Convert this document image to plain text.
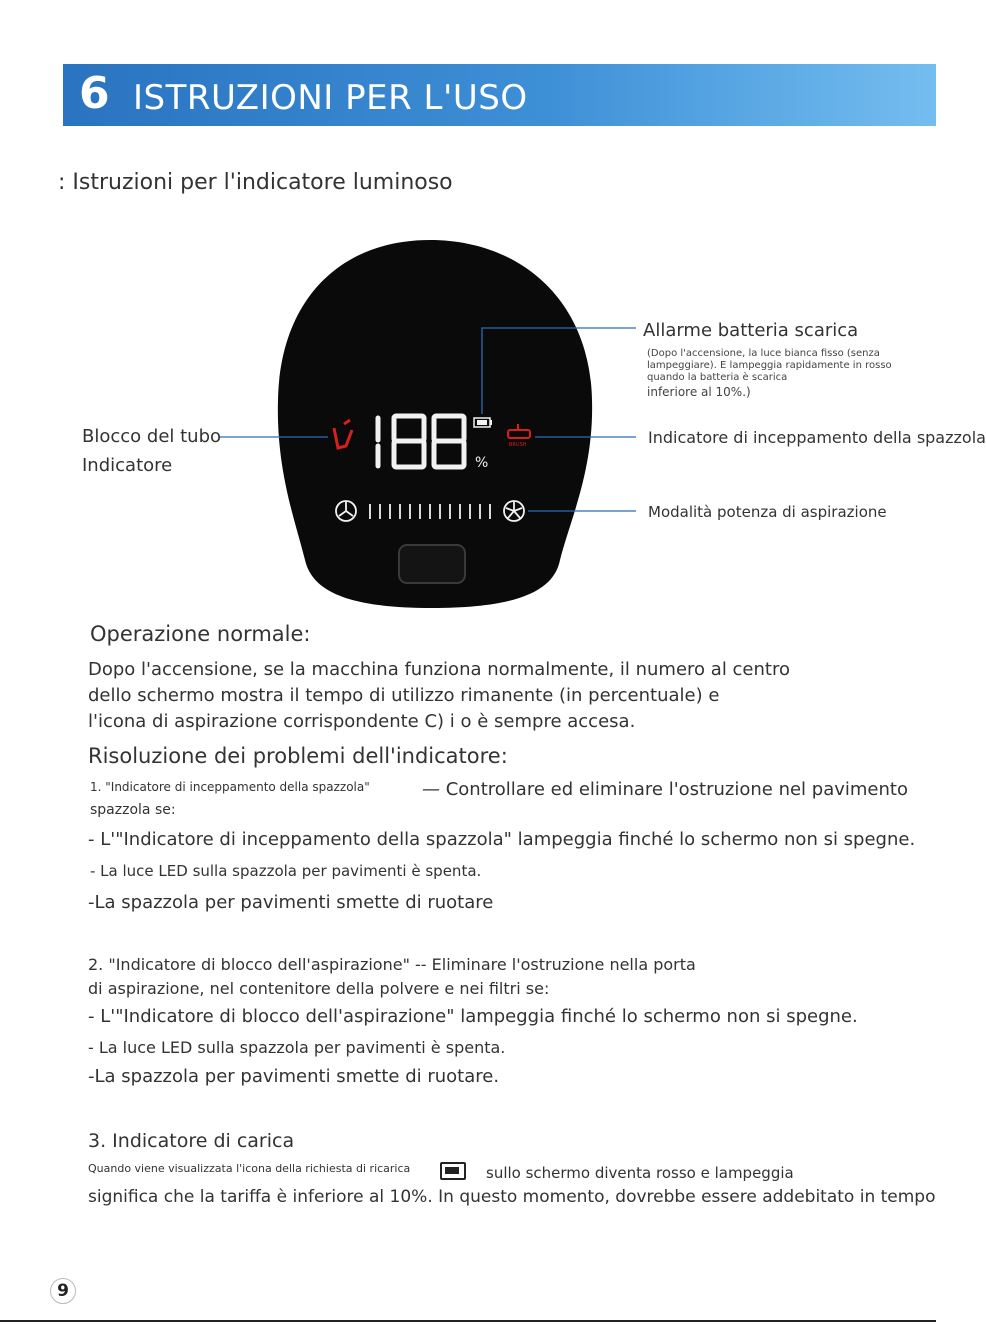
6 ISTRUZIONI PER L'USO
: Istruzioni per l'indicatore luminoso
%
BRUSH
Allarme batteria scarica
(Dopo l'accensione, la luce bianca fisso (senza lampeggiare). E lampeggia rapidamente in rosso quando la batteria è scarica
inferiore al 10%.)
Blocco del tubo
Indicatore
Indicatore di inceppamento della spazzola
Modalità potenza di aspirazione
Operazione normale:
Dopo l'accensione, se la macchina funziona normalmente, il numero al centro
dello schermo mostra il tempo di utilizzo rimanente (in percentuale) e
l'icona di aspirazione corrispondente C) i o è sempre accesa.
Risoluzione dei problemi dell'indicatore:
1. "Indicatore di inceppamento della spazzola"	— Controllare ed eliminare l'ostruzione nel pavimento
spazzola se:
- L'"Indicatore di inceppamento della spazzola" lampeggia finché lo schermo non si spegne.
- La luce LED sulla spazzola per pavimenti è spenta.
-La spazzola per pavimenti smette di ruotare
2. "Indicatore di blocco dell'aspirazione" -- Eliminare l'ostruzione nella porta
di aspirazione, nel contenitore della polvere e nei filtri se:
- L'"Indicatore di blocco dell'aspirazione" lampeggia finché lo schermo non si spegne.
- La luce LED sulla spazzola per pavimenti è spenta.
-La spazzola per pavimenti smette di ruotare.
3. Indicatore di carica
Quando viene visualizzata l'icona della richiesta di ricarica	sullo schermo diventa rosso e lampeggia
significa che la tariffa è inferiore al 10%. In questo momento, dovrebbe essere addebitato in tempo
9
